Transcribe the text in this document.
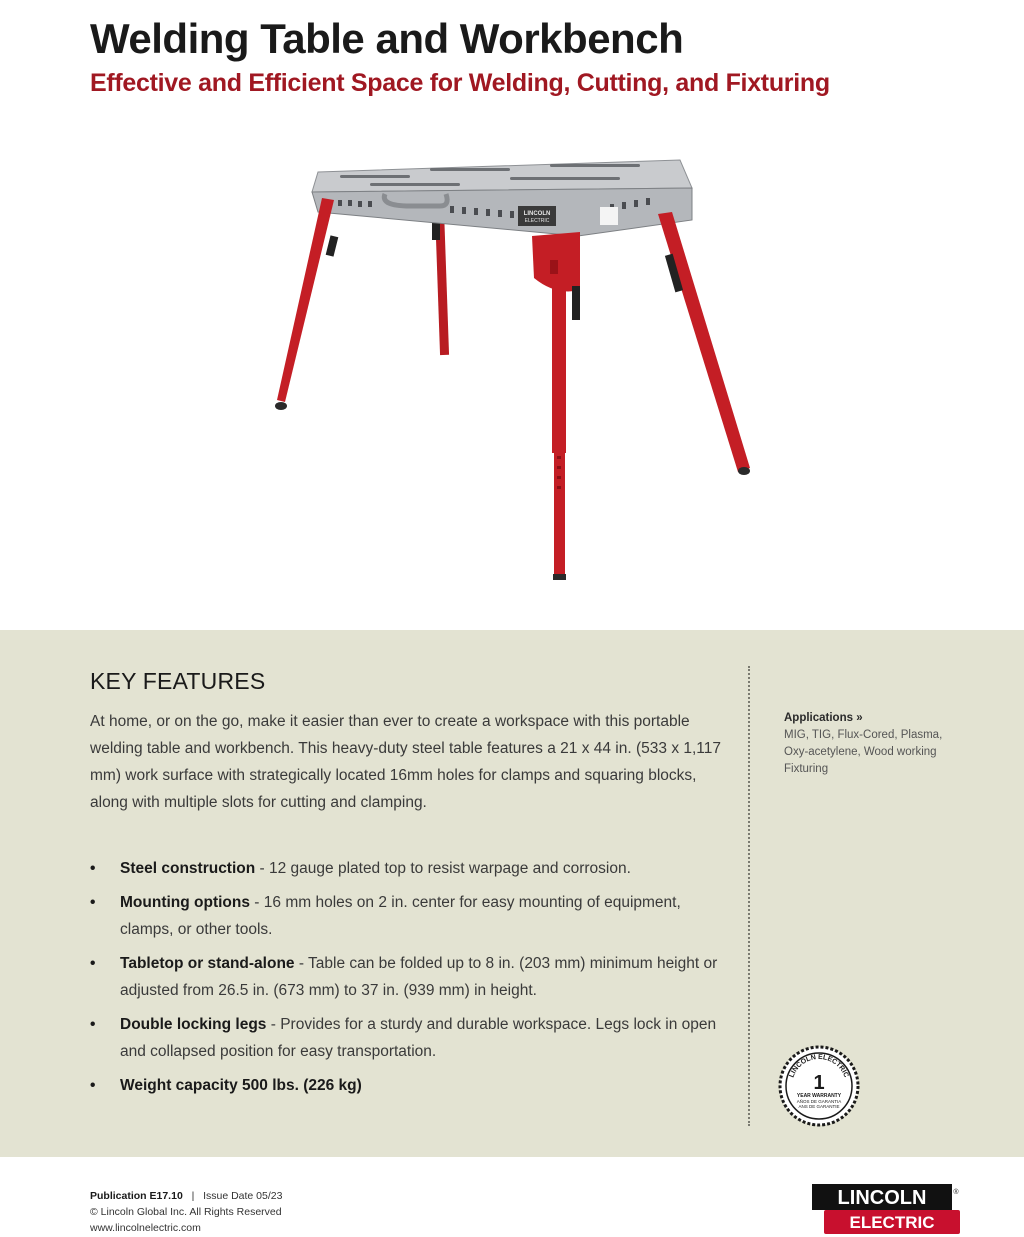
Welding Table and Workbench
Effective and Efficient Space for Welding, Cutting, and Fixturing
LINCOLN
ELECTRIC
KEY FEATURES

At home, or on the go, make it easier than ever to create a workspace with this portable welding table and workbench. This heavy-duty steel table features a 21 x 44 in. (533 x 1,117 mm) work surface with strategically located 16mm holes for clamps and squaring blocks, along with multiple slots for cutting and clamping.

• Steel construction - 12 gauge plated top to resist warpage and corrosion.
• Mounting options - 16 mm holes on 2 in. center for easy mounting of equipment, clamps, or other tools.
• Tabletop or stand-alone - Table can be folded up to 8 in. (203 mm) minimum height or adjusted from 26.5 in. (673 mm) to 37 in. (939 mm) in height.
• Double locking legs - Provides for a sturdy and durable workspace. Legs lock in open and collapsed position for easy transportation.
• Weight capacity 500 lbs. (226 kg)
Applications »
MIG, TIG, Flux-Cored, Plasma,
Oxy-acetylene, Wood working
Fixturing
LINCOLN ELECTRIC
1
YEAR WARRANTY
AÑOS DE GARANTIA
ANS DE GARANTIE
Publication E17.10 | Issue Date 05/23
© Lincoln Global Inc. All Rights Reserved
www.lincolnelectric.com
LINCOLN
ELECTRIC
®
